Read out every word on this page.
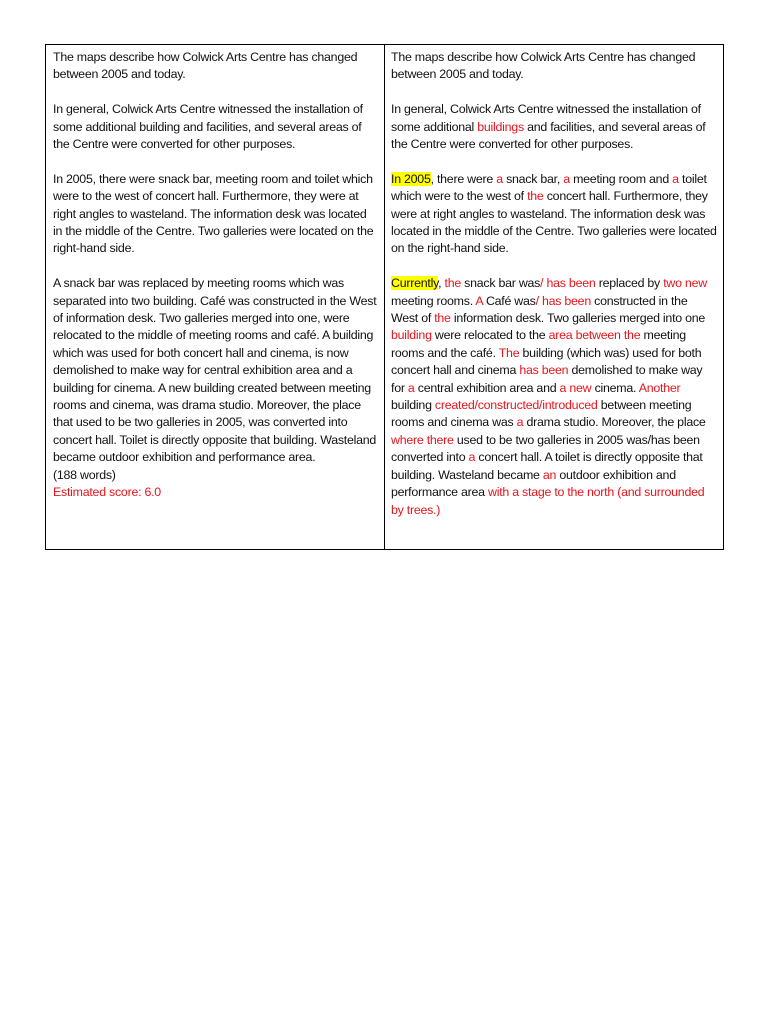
The maps describe how Colwick Arts Centre has changed between 2005 and today.

In general, Colwick Arts Centre witnessed the installation of some additional building and facilities, and several areas of the Centre were converted for other purposes.

In 2005, there were snack bar, meeting room and toilet which were to the west of concert hall. Furthermore, they were at right angles to wasteland. The information desk was located in the middle of the Centre. Two galleries were located on the right-hand side.

A snack bar was replaced by meeting rooms which was separated into two building. Café was constructed in the West of information desk. Two galleries merged into one, were relocated to the middle of meeting rooms and café. A building which was used for both concert hall and cinema, is now demolished to make way for central exhibition area and a building for cinema. A new building created between meeting rooms and cinema, was drama studio. Moreover, the place that used to be two galleries in 2005, was converted into concert hall. Toilet is directly opposite that building. Wasteland became outdoor exhibition and performance area.

(188 words)
Estimated score: 6.0

The maps describe how Colwick Arts Centre has changed between 2005 and today.

In general, Colwick Arts Centre witnessed the installation of some additional buildings and facilities, and several areas of the Centre were converted for other purposes.

In 2005, there were a snack bar, a meeting room and a toilet which were to the west of the concert hall. Furthermore, they were at right angles to wasteland. The information desk was located in the middle of the Centre. Two galleries were located on the right-hand side.

Currently, the snack bar was/ has been replaced by two new meeting rooms. A Café was/ has been constructed in the West of the information desk. Two galleries merged into one building were relocated to the area between the meeting rooms and the café. The building (which was) used for both concert hall and cinema has been demolished to make way for a central exhibition area and a new cinema. Another building created/constructed/introduced between meeting rooms and cinema was a drama studio. Moreover, the place where there used to be two galleries in 2005 was/has been converted into a concert hall. A toilet is directly opposite that building. Wasteland became an outdoor exhibition and performance area with a stage to the north (and surrounded by trees.)
